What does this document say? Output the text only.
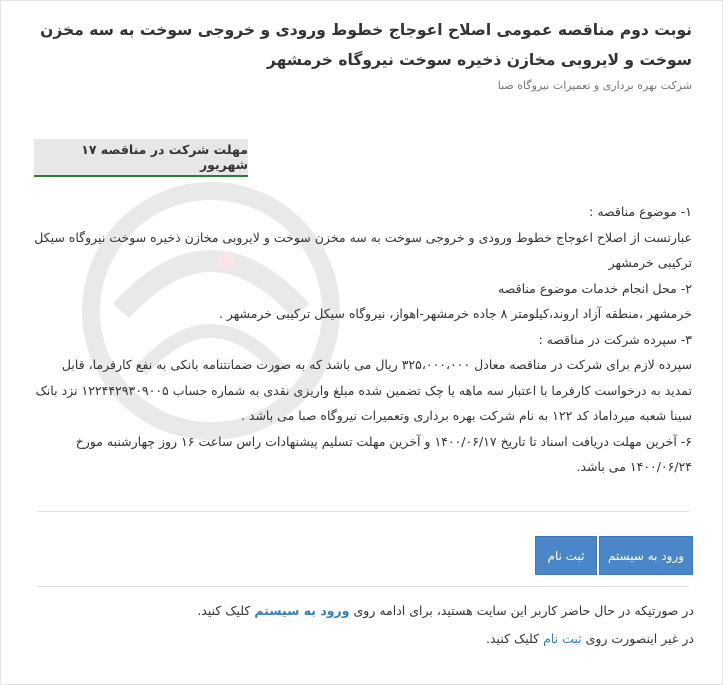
نوبت دوم مناقصه عمومی اصلاح اعوجاج خطوط ورودی و خروجی سوخت به سه مخزن سوخت و لایروبی مخازن ذخیره سوخت نیروگاه خرمشهر
شرکت بهره برداری و تعمیرات نیروگاه صبا
مهلت شرکت در مناقصه ۱۷ شهریور

۱- موضوع مناقصه :

عبارتست از اصلاح اعوجاج خطوط ورودی و خروجی سوخت به سه مخزن سوخت و لایروبی مخازن ذخیره سوخت نیروگاه سیکل ترکیبی خرمشهر

۲- محل انجام خدمات موضوع مناقصه

خرمشهر ،منطقه آزاد اروند،کیلومتر ۸ جاده خرمشهر-اهواز، نیروگاه سیکل ترکیبی خرمشهر .

۳- سپرده شرکت در مناقصه :

سپرده لازم برای شرکت در مناقصه معادل ۳۲۵،۰۰۰،۰۰۰ ریال می باشد که به صورت ضمانتنامه بانکی به نفع کارفرما، قابل تمدید به درخواست کارفرما با اعتبار سه ماهه یا چک تضمین شده مبلغ واریزی نقدی به شماره حساب ۱۲۲۴۴۲۹۳۰۹۰۰۵ نزد بانک سینا شعبه میرداماد کد ۱۲۲ به نام شرکت بهره برداری وتعمیرات نیروگاه صبا می باشد .

۶- آخرین مهلت دریافت اسناد تا تاریخ ۱۴۰۰/۰۶/۱۷ و آخرین مهلت تسلیم پیشنهادات راس ساعت ۱۶ روز چهارشنبه مورخ ۱۴۰۰/۰۶/۲۴ می باشد.

ورود به سیستم
ثبت نام

در صورتیکه در حال حاضر کاربر این سایت هستید، برای ادامه روی ورود به سیستم کلیک کنید.

در غیر اینصورت روی ثبت نام کلیک کنید.
